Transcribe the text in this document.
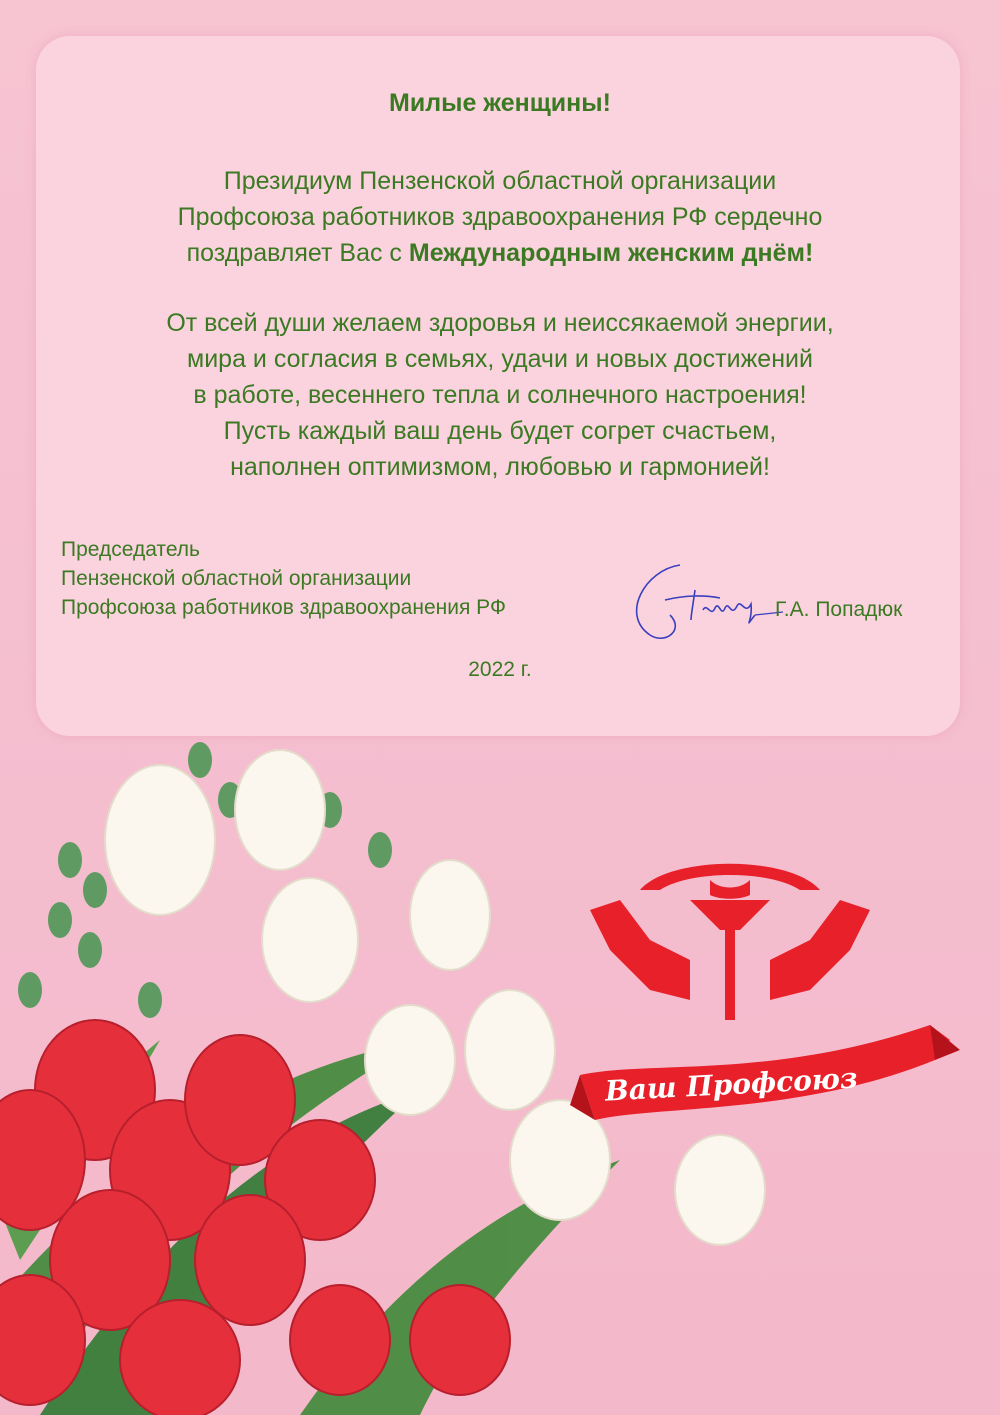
Милые женщины!
Президиум Пензенской областной организации
Профсоюза работников здравоохранения РФ сердечно
поздравляет Вас с Международным женским днём!
От всей души желаем здоровья и неиссякаемой энергии,
мира и согласия в семьях, удачи и новых достижений
в работе, весеннего тепла и солнечного настроения!
Пусть каждый ваш день будет согрет счастьем,
наполнен оптимизмом, любовью и гармонией!
Председатель
Пензенской областной организации
Профсоюза работников здравоохранения РФ	Г.А. Попадюк
2022 г.
Ваш Профсоюз
